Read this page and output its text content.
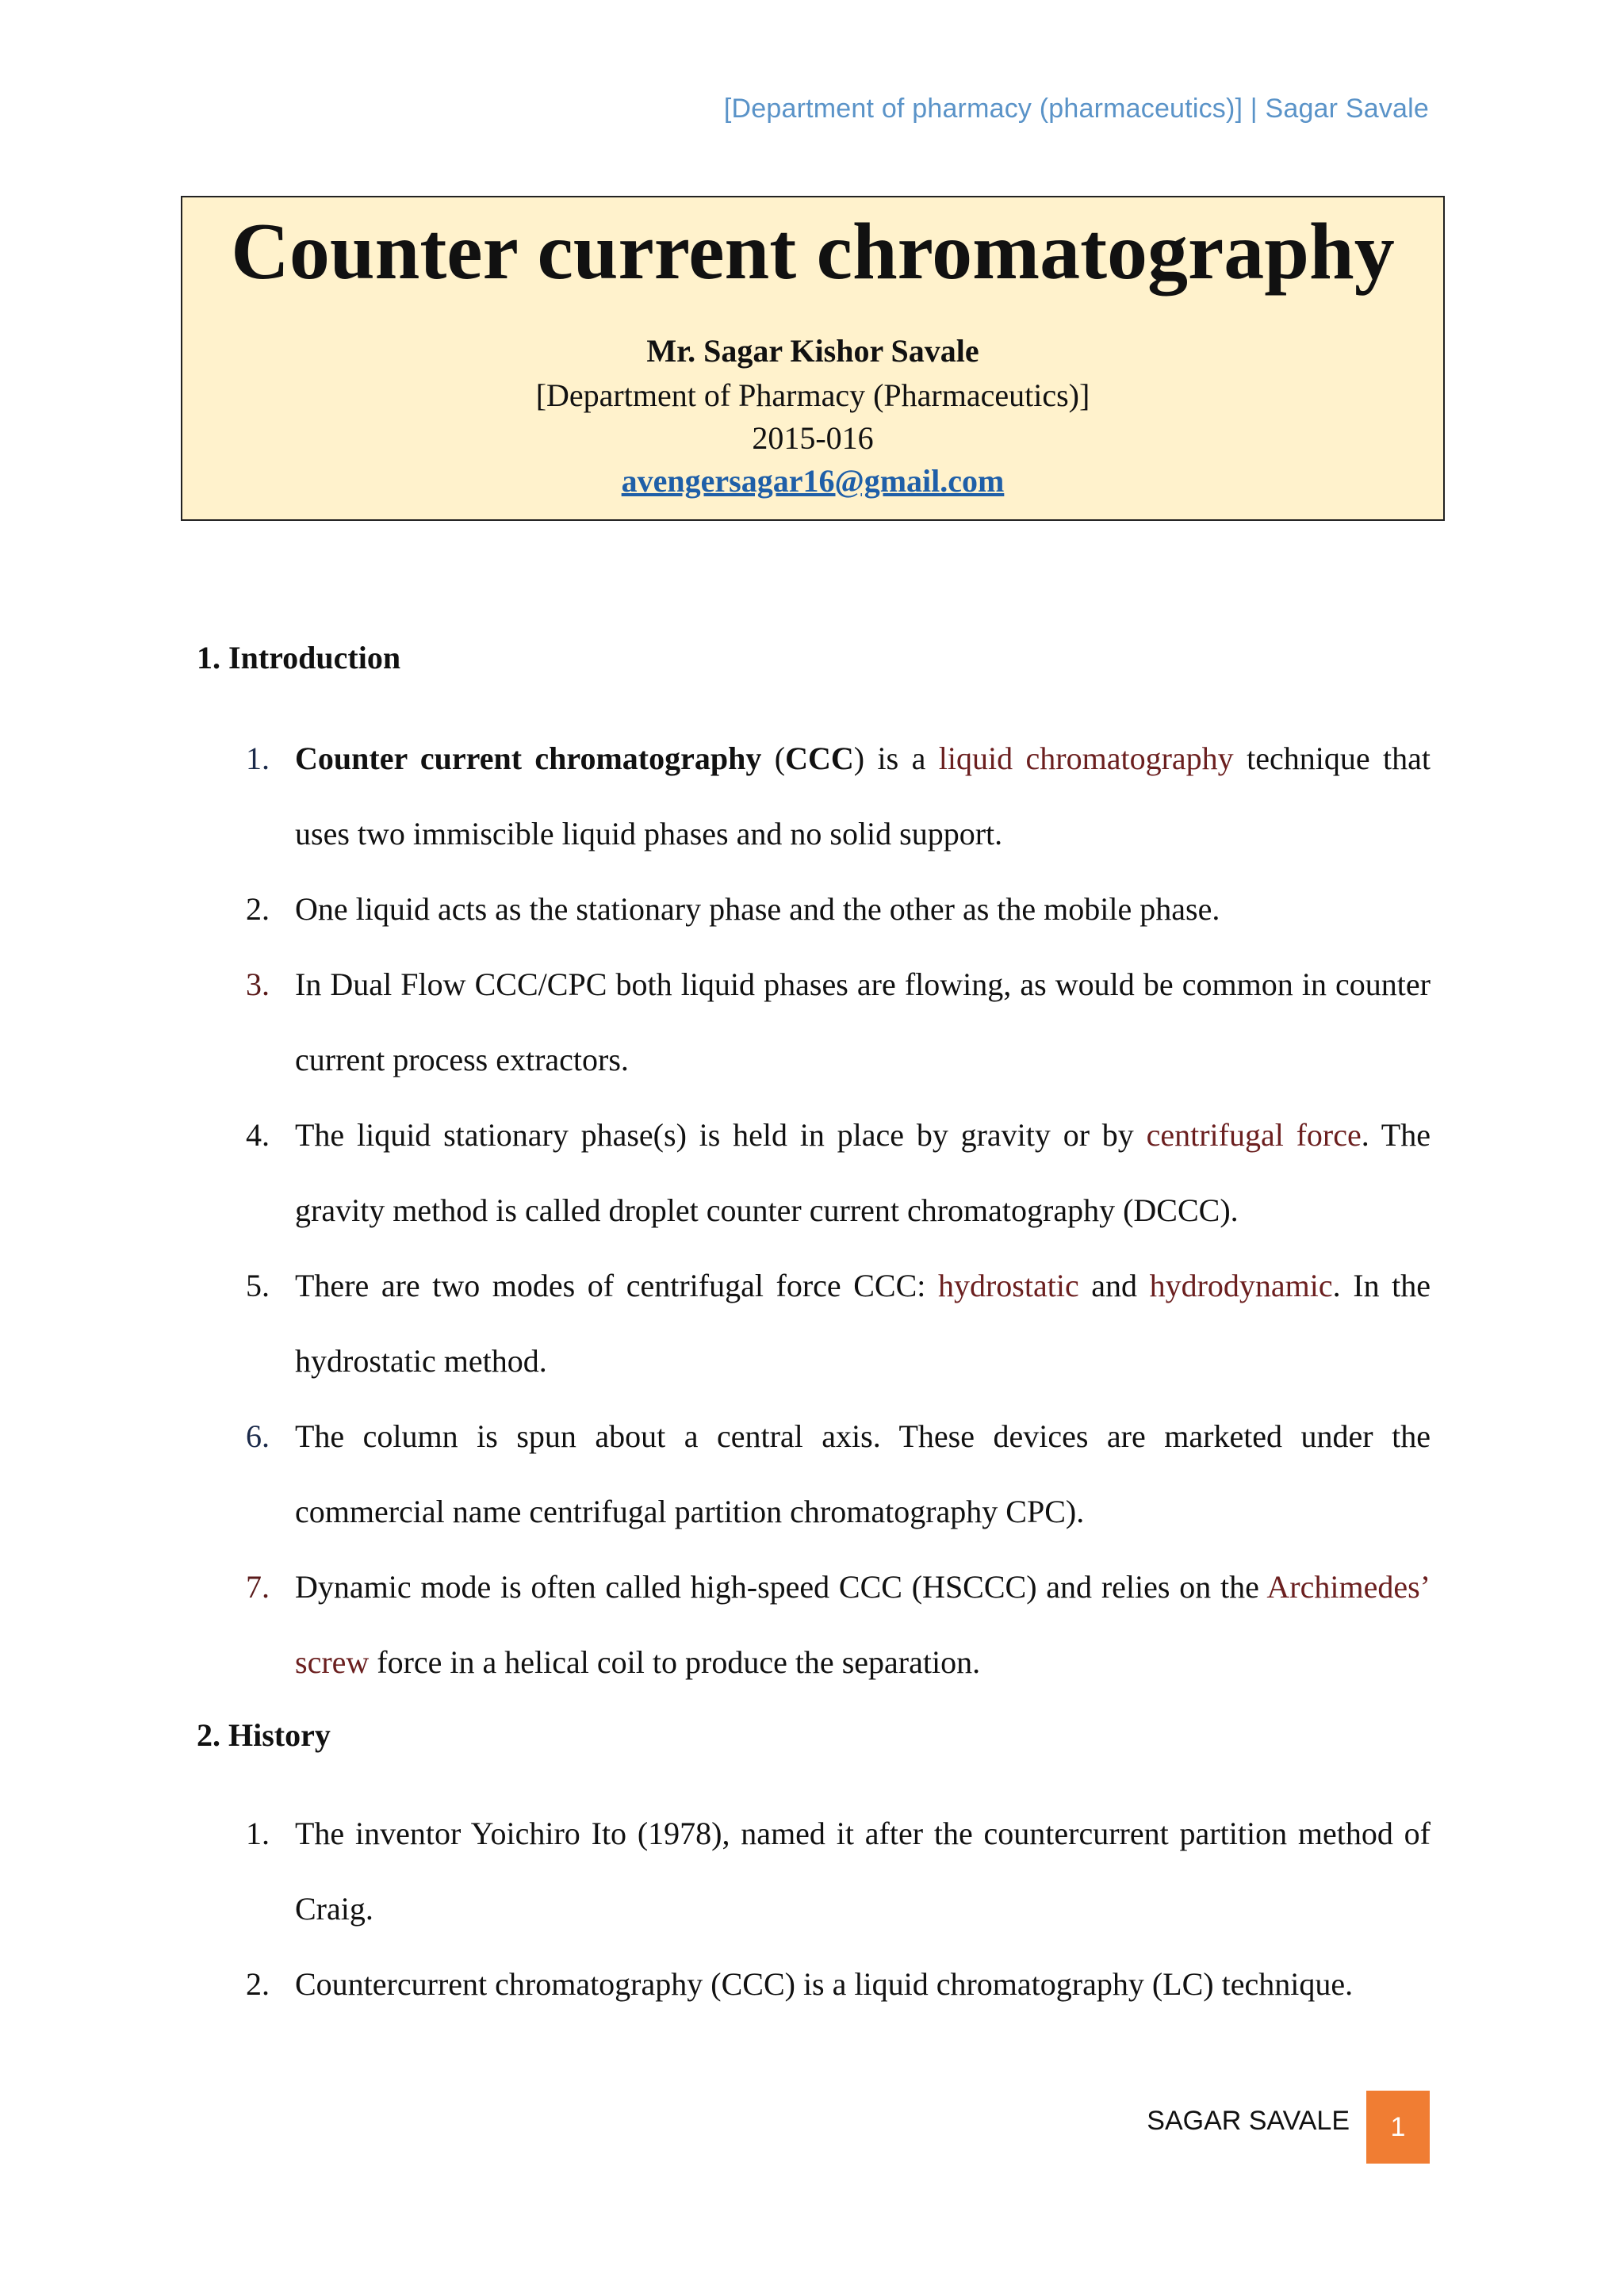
[Department of pharmacy (pharmaceutics)] | Sagar Savale
Counter current chromatography
Mr. Sagar Kishor Savale
[Department of Pharmacy (Pharmaceutics)]
2015-016
avengersagar16@gmail.com
1. Introduction
1. Counter current chromatography (CCC) is a liquid chromatography technique that uses two immiscible liquid phases and no solid support.
2. One liquid acts as the stationary phase and the other as the mobile phase.
3. In Dual Flow CCC/CPC both liquid phases are flowing, as would be common in counter current process extractors.
4. The liquid stationary phase(s) is held in place by gravity or by centrifugal force. The gravity method is called droplet counter current chromatography (DCCC).
5. There are two modes of centrifugal force CCC: hydrostatic and hydrodynamic. In the hydrostatic method.
6. The column is spun about a central axis. These devices are marketed under the commercial name centrifugal partition chromatography CPC).
7. Dynamic mode is often called high-speed CCC (HSCCC) and relies on the Archimedes’ screw force in a helical coil to produce the separation.
2. History
1. The inventor Yoichiro Ito (1978), named it after the countercurrent partition method of Craig.
2. Countercurrent chromatography (CCC) is a liquid chromatography (LC) technique.
SAGAR SAVALE 1
